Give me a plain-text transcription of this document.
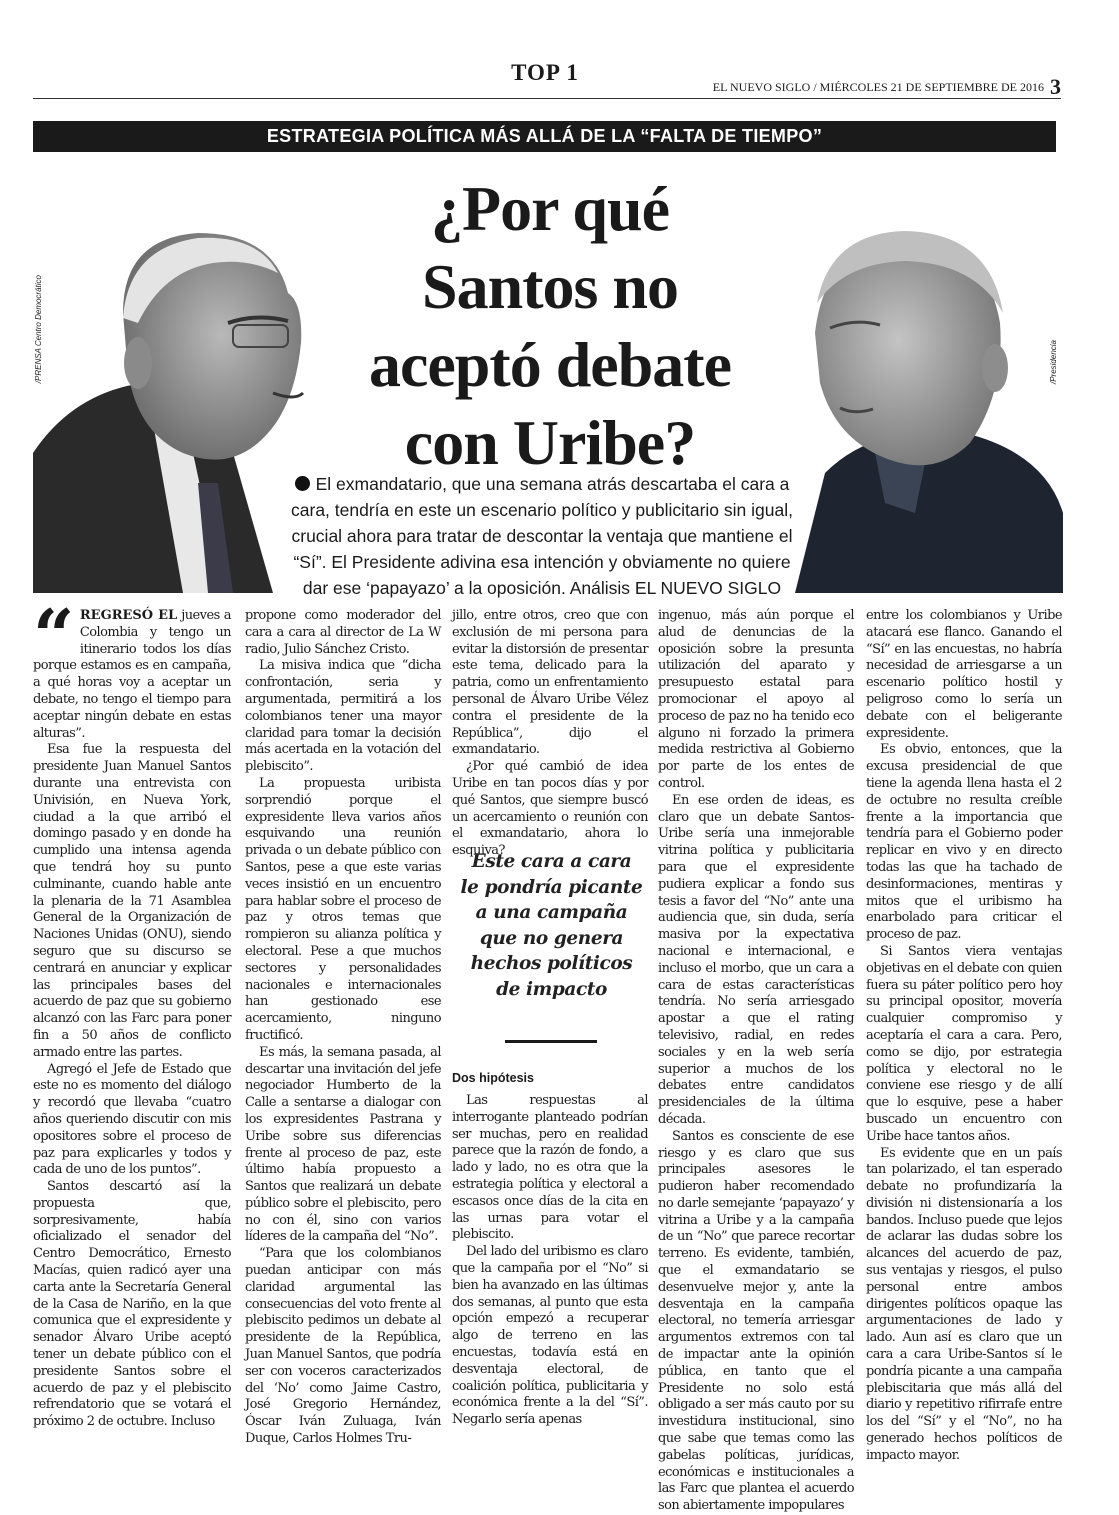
TOP 1
EL NUEVO SIGLO / MIÉRCOLES 21 DE SEPTIEMBRE DE 2016 3
ESTRATEGIA POLÍTICA MÁS ALLÁ DE LA “FALTA DE TIEMPO”
/PRENSA Centro Democrático	/Presidencia
¿Por qué
Santos no
aceptó debate
con Uribe?
El exmandatario, que una semana atrás descartaba el cara a cara, tendría en este un escenario político y publicitario sin igual, crucial ahora para tratar de descontar la ventaja que mantiene el “Sí”. El Presidente adivina esa intención y obviamente no quiere dar ese ‘papayazo’ a la oposición. Análisis EL NUEVO SIGLO

“ REGRESÓ EL jueves a Colombia y tengo un itinerario todos los días porque estamos es en campaña, a qué horas voy a aceptar un debate, no tengo el tiempo para aceptar ningún debate en estas alturas”.

Esa fue la respuesta del presidente Juan Manuel Santos durante una entrevista con Univisión, en Nueva York, ciudad a la que arribó el domingo pasado y en donde ha cumplido una intensa agenda que tendrá hoy su punto culminante, cuando hable ante la plenaria de la 71 Asamblea General de la Organización de Naciones Unidas (ONU), siendo seguro que su discurso se centrará en anunciar y explicar las principales bases del acuerdo de paz que su gobierno alcanzó con las Farc para poner fin a 50 años de conflicto armado entre las partes.

Agregó el Jefe de Estado que este no es momento del diálogo y recordó que llevaba “cuatro años queriendo discutir con mis opositores sobre el proceso de paz para explicarles y todos y cada de uno de los puntos”.

Santos descartó así la propuesta que, sorpresivamente, había oficializado el senador del Centro Democrático, Ernesto Macías, quien radicó ayer una carta ante la Secretaría General de la Casa de Nariño, en la que comunica que el expresidente y senador Álvaro Uribe aceptó tener un debate público con el presidente Santos sobre el acuerdo de paz y el plebiscito refrendatorio que se votará el próximo 2 de octubre. Incluso

propone como moderador del cara a cara al director de La W radio, Julio Sánchez Cristo.

La misiva indica que “dicha confrontación, seria y argumentada, permitirá a los colombianos tener una mayor claridad para tomar la decisión más acertada en la votación del plebiscito”.

La propuesta uribista sorprendió porque el expresidente lleva varios años esquivando una reunión privada o un debate público con Santos, pese a que este varias veces insistió en un encuentro para hablar sobre el proceso de paz y otros temas que rompieron su alianza política y electoral. Pese a que muchos sectores y personalidades nacionales e internacionales han gestionado ese acercamiento, ninguno fructificó.

Es más, la semana pasada, al descartar una invitación del jefe negociador Humberto de la Calle a sentarse a dialogar con los expresidentes Pastrana y Uribe sobre sus diferencias frente al proceso de paz, este último había propuesto a Santos que realizará un debate público sobre el plebiscito, pero no con él, sino con varios líderes de la campaña del “No”.

“Para que los colombianos puedan anticipar con más claridad argumental las consecuencias del voto frente al plebiscito pedimos un debate al presidente de la República, Juan Manuel Santos, que podría ser con voceros caracterizados del ‘No’ como Jaime Castro, José Gregorio Hernández, Óscar Iván Zuluaga, Iván Duque, Carlos Holmes Tru-

jillo, entre otros, creo que con exclusión de mi persona para evitar la distorsión de presentar este tema, delicado para la patria, como un enfrentamiento personal de Álvaro Uribe Vélez contra el presidente de la República”, dijo el exmandatario.

¿Por qué cambió de idea Uribe en tan pocos días y por qué Santos, que siempre buscó un acercamiento o reunión con el exmandatario, ahora lo esquiva?

Este cara a cara le pondría picante a una campaña que no genera hechos políticos de impacto
Dos hipótesis

Las respuestas al interrogante planteado podrían ser muchas, pero en realidad parece que la razón de fondo, a lado y lado, no es otra que la estrategia política y electoral a escasos once días de la cita en las urnas para votar el plebiscito.

Del lado del uribismo es claro que la campaña por el “No” si bien ha avanzado en las últimas dos semanas, al punto que esta opción empezó a recuperar algo de terreno en las encuestas, todavía está en desventaja electoral, de coalición política, publicitaria y económica frente a la del “Sí”. Negarlo sería apenas

ingenuo, más aún porque el alud de denuncias de la oposición sobre la presunta utilización del aparato y presupuesto estatal para promocionar el apoyo al proceso de paz no ha tenido eco alguno ni forzado la primera medida restrictiva al Gobierno por parte de los entes de control.

En ese orden de ideas, es claro que un debate Santos-Uribe sería una inmejorable vitrina política y publicitaria para que el expresidente pudiera explicar a fondo sus tesis a favor del “No” ante una audiencia que, sin duda, sería masiva por la expectativa nacional e internacional, e incluso el morbo, que un cara a cara de estas características tendría. No sería arriesgado apostar a que el rating televisivo, radial, en redes sociales y en la web sería superior a muchos de los debates entre candidatos presidenciales de la última década.

Santos es consciente de ese riesgo y es claro que sus principales asesores le pudieron haber recomendado no darle semejante ‘papayazo’ y vitrina a Uribe y a la campaña de un “No” que parece recortar terreno. Es evidente, también, que el exmandatario se desenvuelve mejor y, ante la desventaja en la campaña electoral, no temería arriesgar argumentos extremos con tal de impactar ante la opinión pública, en tanto que el Presidente no solo está obligado a ser más cauto por su investidura institucional, sino que sabe que temas como las gabelas políticas, jurídicas, económicas e institucionales a las Farc que plantea el acuerdo son abiertamente impopulares

entre los colombianos y Uribe atacará ese flanco. Ganando el “Sí” en las encuestas, no habría necesidad de arriesgarse a un escenario político hostil y peligroso como lo sería un debate con el beligerante expresidente.

Es obvio, entonces, que la excusa presidencial de que tiene la agenda llena hasta el 2 de octubre no resulta creíble frente a la importancia que tendría para el Gobierno poder replicar en vivo y en directo todas las que ha tachado de desinformaciones, mentiras y mitos que el uribismo ha enarbolado para criticar el proceso de paz.

Si Santos viera ventajas objetivas en el debate con quien fuera su páter político pero hoy su principal opositor, movería cualquier compromiso y aceptaría el cara a cara. Pero, como se dijo, por estrategia política y electoral no le conviene ese riesgo y de allí que lo esquive, pese a haber buscado un encuentro con Uribe hace tantos años.

Es evidente que en un país tan polarizado, el tan esperado debate no profundizaría la división ni distensionaría a los bandos. Incluso puede que lejos de aclarar las dudas sobre los alcances del acuerdo de paz, sus ventajas y riesgos, el pulso personal entre ambos dirigentes políticos opaque las argumentaciones de lado y lado. Aun así es claro que un cara a cara Uribe-Santos sí le pondría picante a una campaña plebiscitaria que más allá del diario y repetitivo rifirrafe entre los del “Sí” y el “No”, no ha generado hechos políticos de impacto mayor.
